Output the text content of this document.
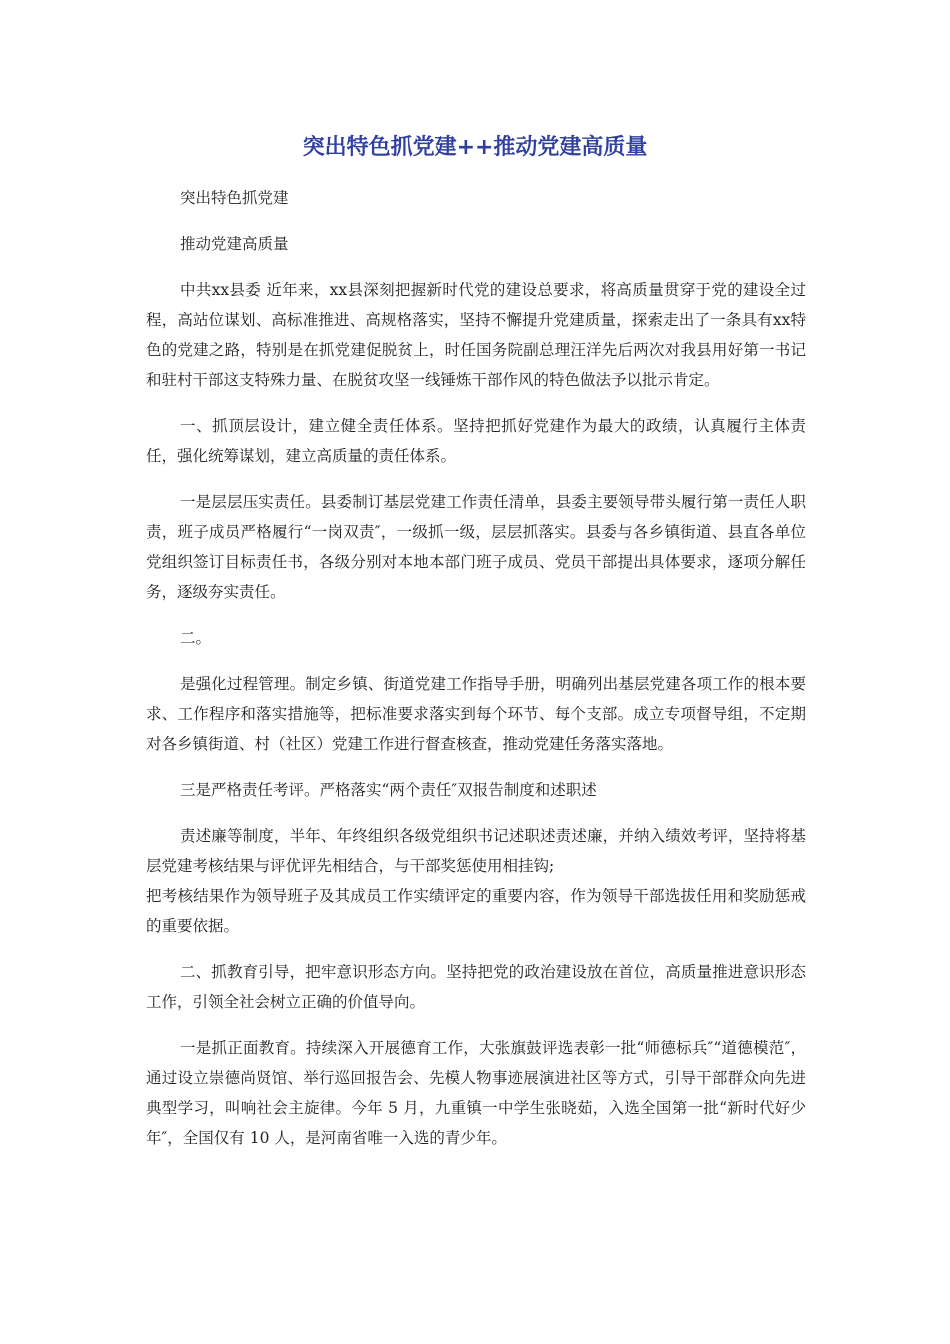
突出特色抓党建++推动党建高质量

突出特色抓党建

推动党建高质量

中共xx县委 近年来，xx县深刻把握新时代党的建设总要求，将高质量贯穿于党的建设全过程，高站位谋划、高标准推进、高规格落实，坚持不懈提升党建质量，探索走出了一条具有xx特色的党建之路，特别是在抓党建促脱贫上，时任国务院副总理汪洋先后两次对我县用好第一书记和驻村干部这支特殊力量、在脱贫攻坚一线锤炼干部作风的特色做法予以批示肯定。

一、抓顶层设计，建立健全责任体系。坚持把抓好党建作为最大的政绩，认真履行主体责任，强化统筹谋划，建立高质量的责任体系。

一是层层压实责任。县委制订基层党建工作责任清单，县委主要领导带头履行第一责任人职责，班子成员严格履行“一岗双责″，一级抓一级，层层抓落实。县委与各乡镇街道、县直各单位党组织签订目标责任书，各级分别对本地本部门班子成员、党员干部提出具体要求，逐项分解任务，逐级夯实责任。

二。

是强化过程管理。制定乡镇、街道党建工作指导手册，明确列出基层党建各项工作的根本要求、工作程序和落实措施等，把标准要求落实到每个环节、每个支部。成立专项督导组，不定期对各乡镇街道、村（社区）党建工作进行督查核查，推动党建任务落实落地。

三是严格责任考评。严格落实“两个责任″双报告制度和述职述

责述廉等制度，半年、年终组织各级党组织书记述职述责述廉，并纳入绩效考评，坚持将基层党建考核结果与评优评先相结合，与干部奖惩使用相挂钩;

把考核结果作为领导班子及其成员工作实绩评定的重要内容，作为领导干部选拔任用和奖励惩戒的重要依据。

二、抓教育引导，把牢意识形态方向。坚持把党的政治建设放在首位，高质量推进意识形态工作，引领全社会树立正确的价值导向。

一是抓正面教育。持续深入开展德育工作，大张旗鼓评选表彰一批“师德标兵″“道德模范″，通过设立崇德尚贤馆、举行巡回报告会、先模人物事迹展演进社区等方式，引导干部群众向先进典型学习，叫响社会主旋律。今年 5 月，九重镇一中学生张晓茹，入选全国第一批“新时代好少年″，全国仅有 10 人，是河南省唯一入选的青少年。
